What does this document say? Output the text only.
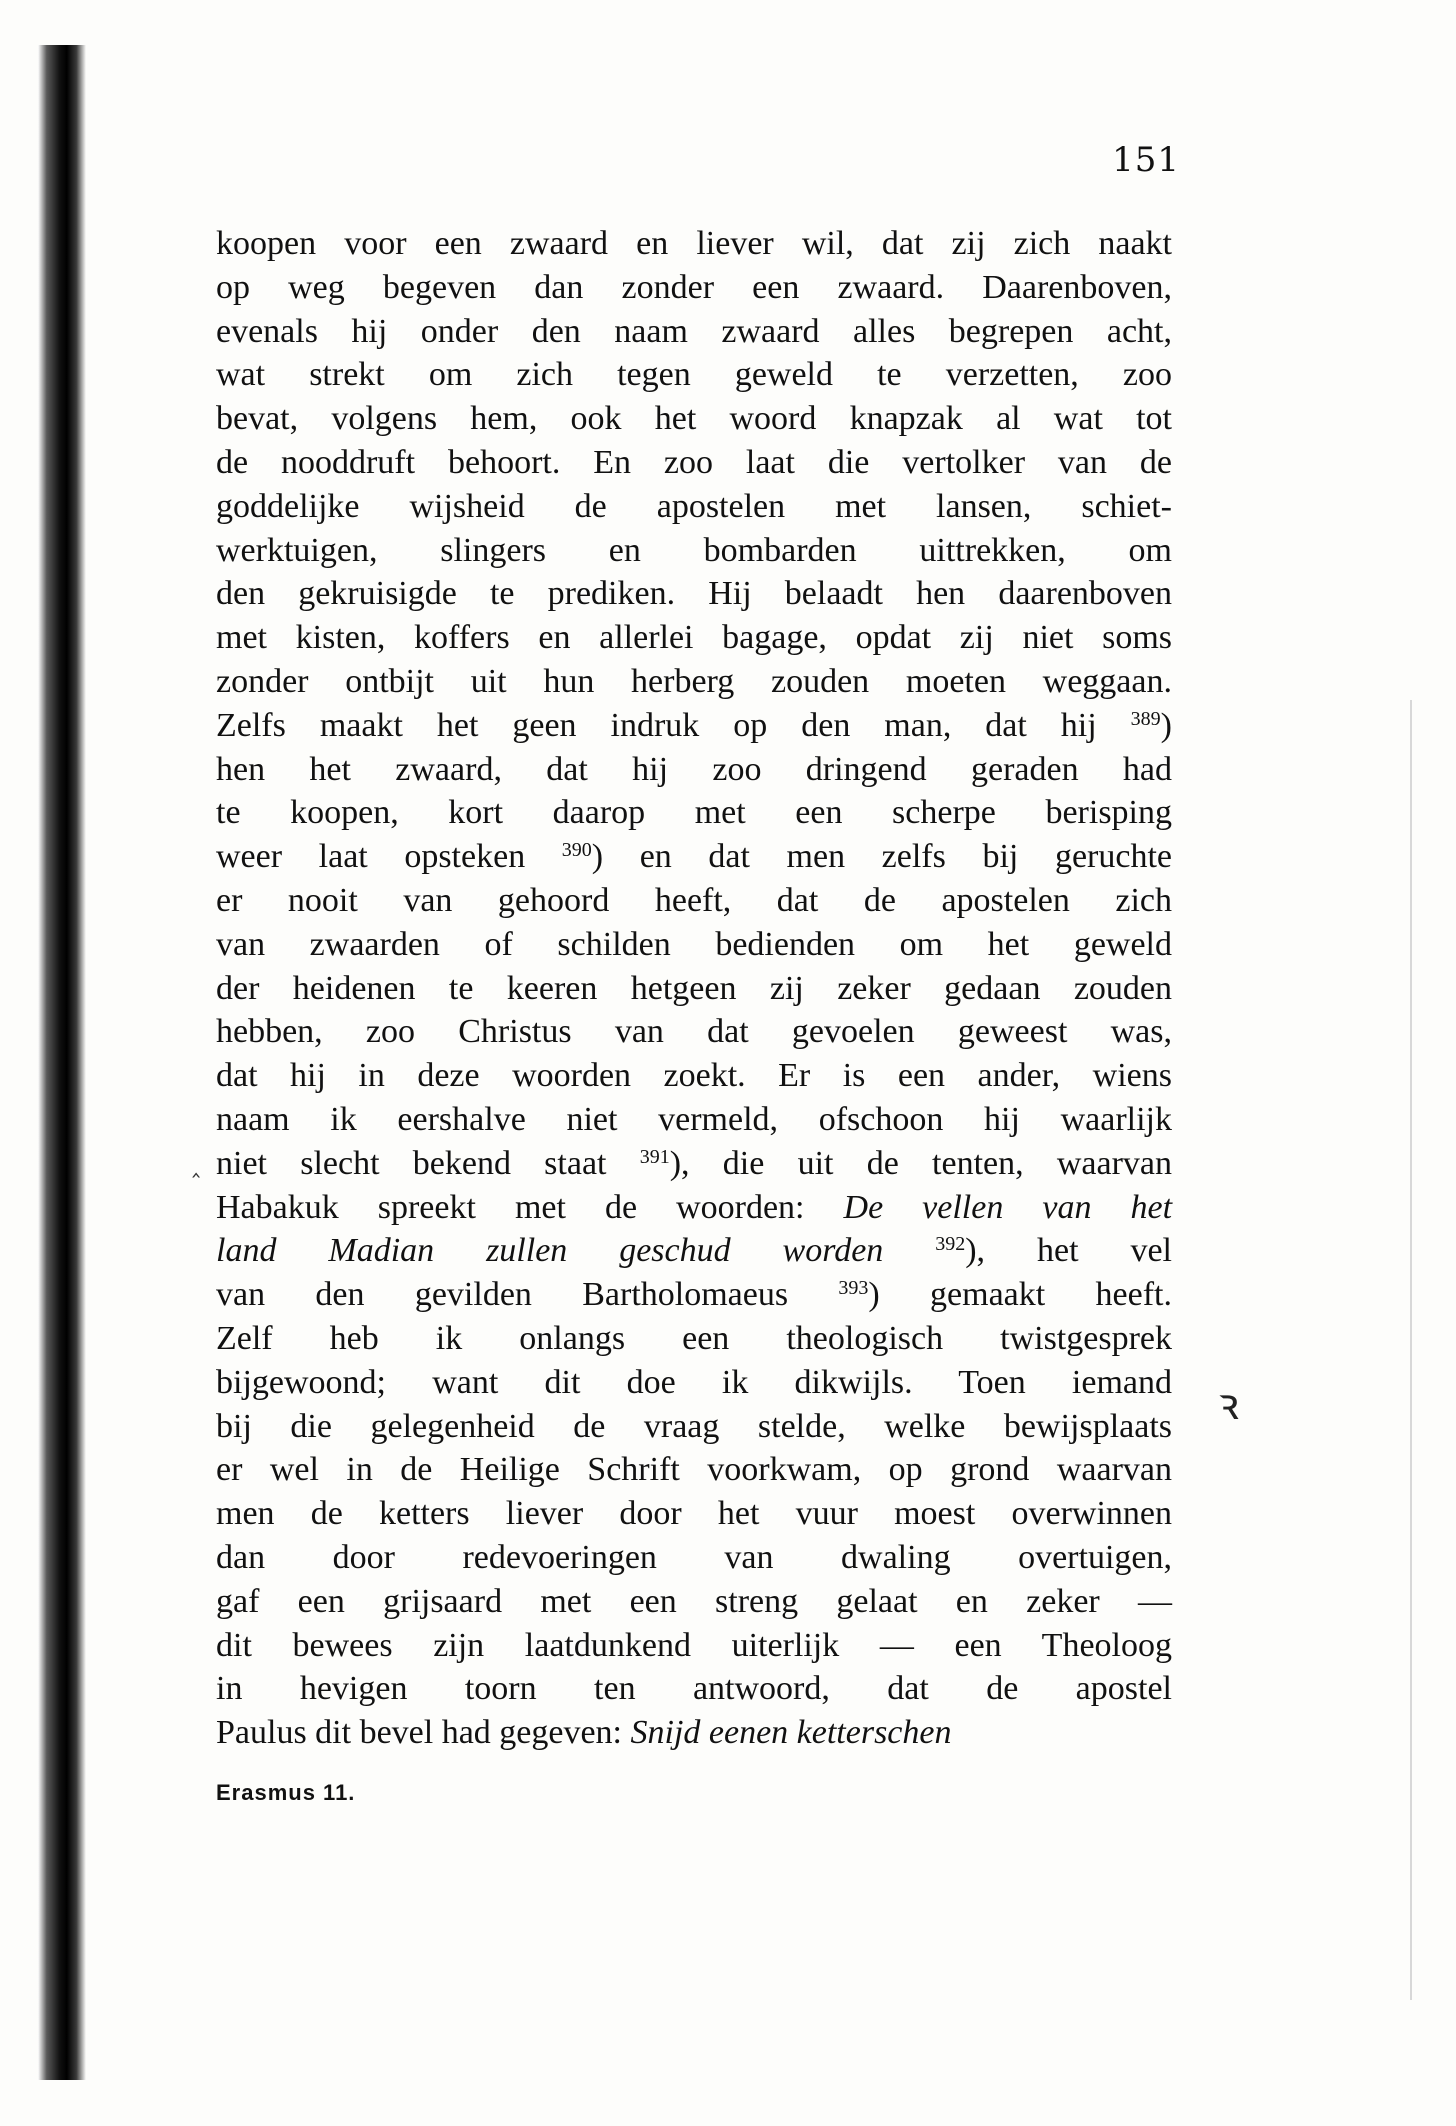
151
koopen voor een zwaard en liever wil, dat zij zich naakt
op weg begeven dan zonder een zwaard. Daarenboven,
evenals hij onder den naam zwaard alles begrepen acht,
wat strekt om zich tegen geweld te verzetten, zoo
bevat, volgens hem, ook het woord knapzak al wat tot
de nooddruft behoort. En zoo laat die vertolker van de
goddelijke wijsheid de apostelen met lansen, schiet-
werktuigen, slingers en bombarden uittrekken, om
den gekruisigde te prediken. Hij belaadt hen daarenboven
met kisten, koffers en allerlei bagage, opdat zij niet soms
zonder ontbijt uit hun herberg zouden moeten weggaan.
Zelfs maakt het geen indruk op den man, dat hij $^{389}$)
hen het zwaard, dat hij zoo dringend geraden had
te koopen, kort daarop met een scherpe berisping
weer laat opsteken $^{390}$) en dat men zelfs bij geruchte
er nooit van gehoord heeft, dat de apostelen zich
van zwaarden of schilden bedienden om het geweld
der heidenen te keeren hetgeen zij zeker gedaan zouden
hebben, zoo Christus van dat gevoelen geweest was,
dat hij in deze woorden zoekt. Er is een ander, wiens
naam ik eershalve niet vermeld, ofschoon hij waarlijk
niet slecht bekend staat $^{391}$), die uit de tenten, waarvan
Habakuk spreekt met de woorden: De vellen van het
land Madian zullen geschud worden	$^{392}$), het vel
van den gevilden Bartholomaeus $^{393}$) gemaakt heeft.
Zelf heb ik onlangs een theologisch twistgesprek
bijgewoond; want dit doe ik dikwijls. Toen iemand
bij die gelegenheid de vraag stelde, welke bewijsplaats
er wel in de Heilige Schrift voorkwam, op grond waarvan
men de ketters liever door het vuur moest overwinnen
dan door redevoeringen van dwaling overtuigen,
gaf een grijsaard met een streng gelaat en zeker —
dit bewees zijn laatdunkend uiterlijk — een Theoloog
in hevigen toorn ten antwoord, dat de apostel
Paulus dit bevel had gegeven: Snijd eenen ketterschen
Erasmus 11.
‸
ꝛ
